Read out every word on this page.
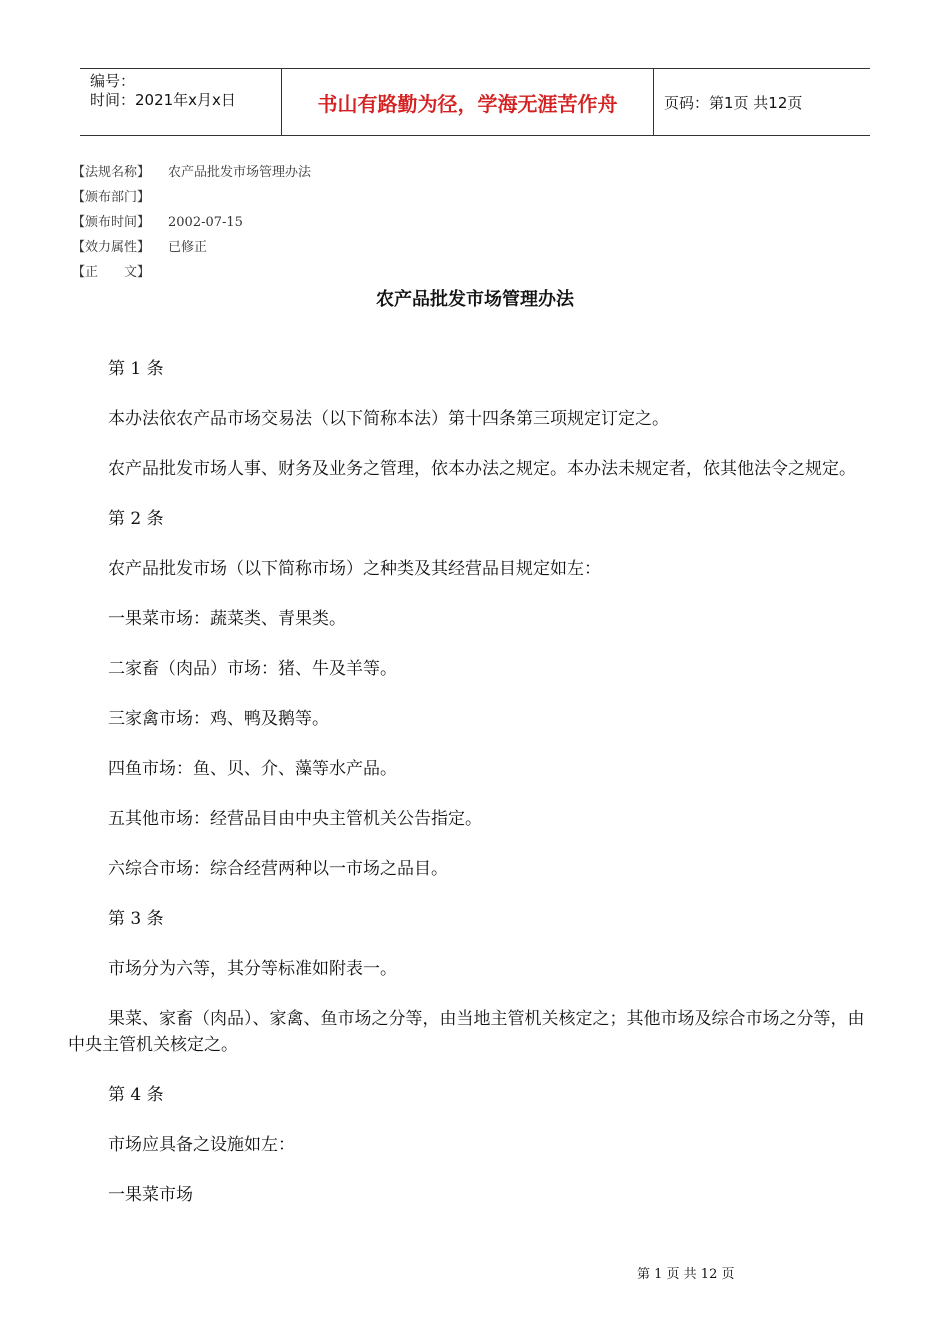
编号：
时间：2021年x月x日	书山有路勤为径，学海无涯苦作舟	页码：第1页 共12页
【法规名称】	农产品批发市场管理办法
【颁布部门】
【颁布时间】	2002-07-15
【效力属性】	已修正
【正　　文】
农产品批发市场管理办法
第 1 条
本办法依农产品市场交易法（以下简称本法）第十四条第三项规定订定之。
农产品批发市场人事、财务及业务之管理，依本办法之规定。本办法未规定者，依其他法令之规定。
第 2 条
农产品批发市场（以下简称市场）之种类及其经营品目规定如左：
一果菜市场：蔬菜类、青果类。
二家畜（肉品）市场：猪、牛及羊等。
三家禽市场：鸡、鸭及鹅等。
四鱼市场：鱼、贝、介、藻等水产品。
五其他市场：经营品目由中央主管机关公告指定。
六综合市场：综合经营两种以一市场之品目。
第 3 条
市场分为六等，其分等标准如附表一。
果菜、家畜（肉品）、家禽、鱼市场之分等，由当地主管机关核定之；其他市场及综合市场之分等，由中央主管机关核定之。
第 4 条
市场应具备之设施如左：
一果菜市场
第 1 页 共 12 页
